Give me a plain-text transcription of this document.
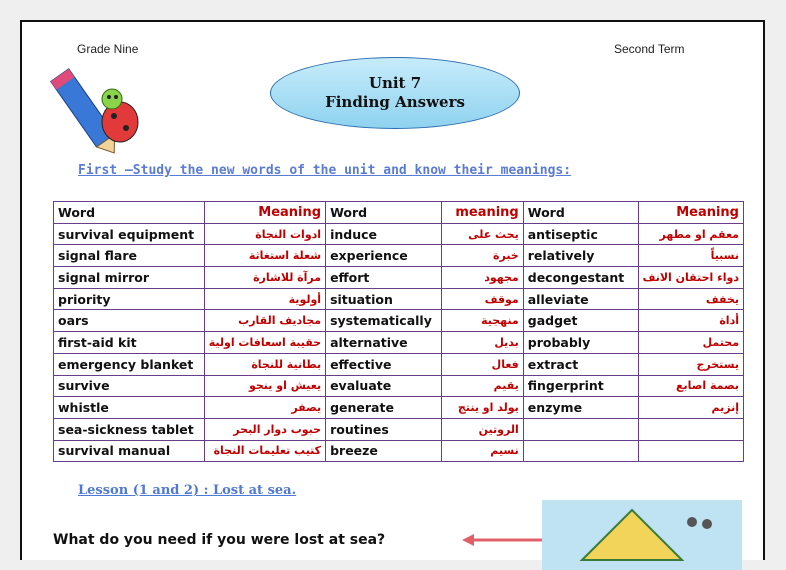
Grade Nine	Second Term
Unit 7
Finding Answers
First –Study the new words of the unit and know their meanings:
Word	Meaning	Word	meaning	Word	Meaning
survival equipment	ادوات النجاة	induce	يحث على	antiseptic	معقم او مطهر
signal flare	شعلة استغاثة	experience	خبرة	relatively	نسبياً
signal mirror	مرآة للاشارة	effort	مجهود	decongestant	دواء احتقان الانف
priority	أولوية	situation	موقف	alleviate	يخفف
oars	مجاديف القارب	systematically	منهجية	gadget	أداة
first-aid kit	حقيبة اسعافات اولية	alternative	بديل	probably	محتمل
emergency blanket	بطانية للنجاة	effective	فعال	extract	يستخرج
survive	يعيش او ينجو	evaluate	يقيم	fingerprint	بصمة اصابع
whistle	يصفر	generate	يولد او ينتج	enzyme	إنزيم
sea-sickness tablet	حبوب دوار البحر	routines	الروتين		
survival manual	كتيب تعليمات النجاة	breeze	نسيم		
Lesson (1 and 2) : Lost at sea.
What do you need if you were lost at sea?
